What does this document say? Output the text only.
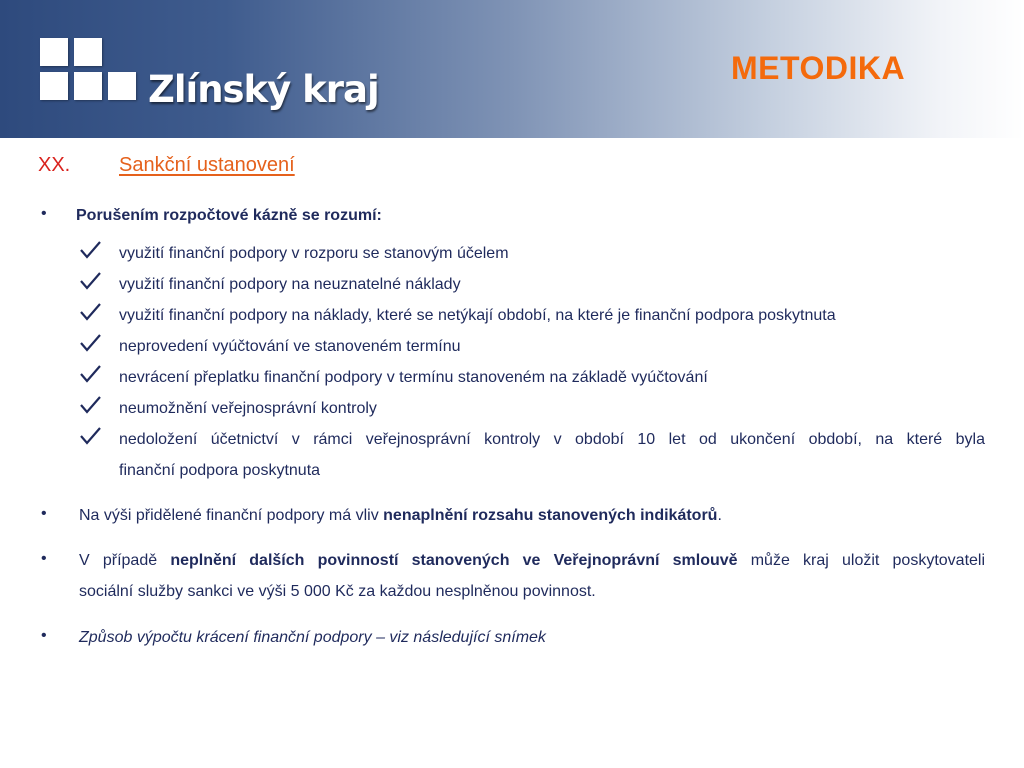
Zlínský kraj	METODIKA
XX. Sankční ustanovení
• Porušením rozpočtové kázně se rozumí:
využití finanční podpory v rozporu se stanovým účelem
využití finanční podpory na neuznatelné náklady
využití finanční podpory na náklady, které se netýkají období, na které je finanční podpora poskytnuta
neprovedení vyúčtování ve stanoveném termínu
nevrácení přeplatku finanční podpory v termínu stanoveném na základě vyúčtování
neumožnění veřejnosprávní kontroly
nedoložení účetnictví v rámci veřejnosprávní kontroly v období 10 let od ukončení období, na které byla
finanční podpora poskytnuta
• Na výši přidělené finanční podpory má vliv nenaplnění rozsahu stanovených indikátorů.
• V případě neplnění dalších povinností stanovených ve Veřejnoprávní smlouvě může kraj uložit poskytovateli
sociální služby sankci ve výši 5 000 Kč za každou nesplněnou povinnost.
• Způsob výpočtu krácení finanční podpory – viz následující snímek
